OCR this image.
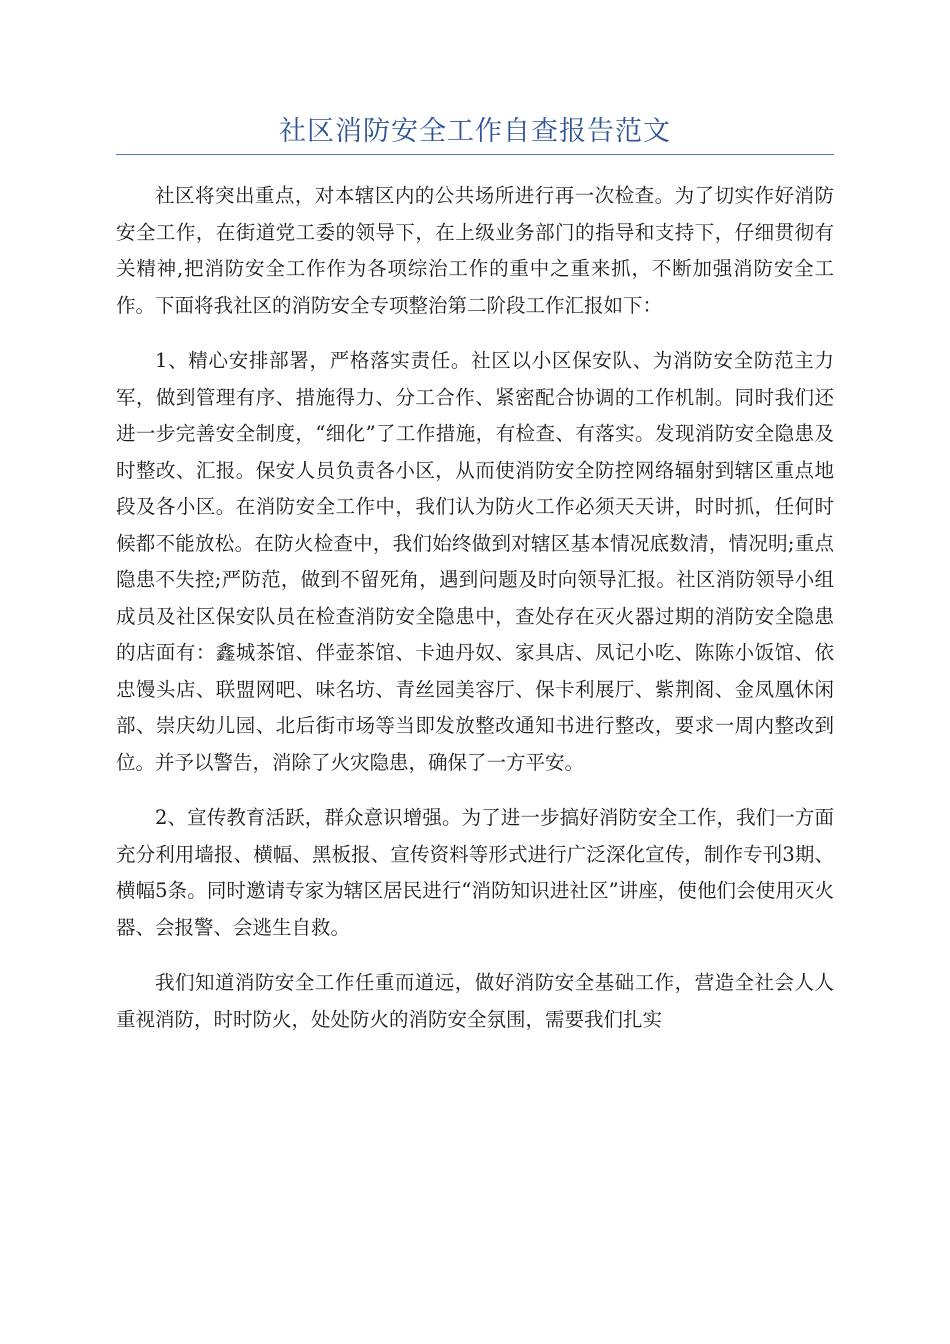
社区消防安全工作自查报告范文

社区将突出重点，对本辖区内的公共场所进行再一次检查。为了切实作好消防安全工作，在街道党工委的领导下，在上级业务部门的指导和支持下，仔细贯彻有关精神,把消防安全工作作为各项综治工作的重中之重来抓，不断加强消防安全工作。下面将我社区的消防安全专项整治第二阶段工作汇报如下：

1、精心安排部署，严格落实责任。社区以小区保安队、为消防安全防范主力军，做到管理有序、措施得力、分工合作、紧密配合协调的工作机制。同时我们还进一步完善安全制度，“细化”了工作措施，有检查、有落实。发现消防安全隐患及时整改、汇报。保安人员负责各小区，从而使消防安全防控网络辐射到辖区重点地段及各小区。在消防安全工作中，我们认为防火工作必须天天讲，时时抓，任何时候都不能放松。在防火检查中，我们始终做到对辖区基本情况底数清，情况明;重点隐患不失控;严防范，做到不留死角，遇到问题及时向领导汇报。社区消防领导小组成员及社区保安队员在检查消防安全隐患中，查处存在灭火器过期的消防安全隐患的店面有：鑫城茶馆、伴壶茶馆、卡迪丹奴、家具店、凤记小吃、陈陈小饭馆、依忠馒头店、联盟网吧、味名坊、青丝园美容厅、保卡利展厅、紫荆阁、金凤凰休闲部、崇庆幼儿园、北后街市场等当即发放整改通知书进行整改，要求一周内整改到位。并予以警告，消除了火灾隐患，确保了一方平安。

2、宣传教育活跃，群众意识增强。为了进一步搞好消防安全工作，我们一方面充分利用墙报、横幅、黑板报、宣传资料等形式进行广泛深化宣传，制作专刊3期、横幅5条。同时邀请专家为辖区居民进行“消防知识进社区”讲座，使他们会使用灭火器、会报警、会逃生自救。

我们知道消防安全工作任重而道远，做好消防安全基础工作，营造全社会人人重视消防，时时防火，处处防火的消防安全氛围，需要我们扎实
